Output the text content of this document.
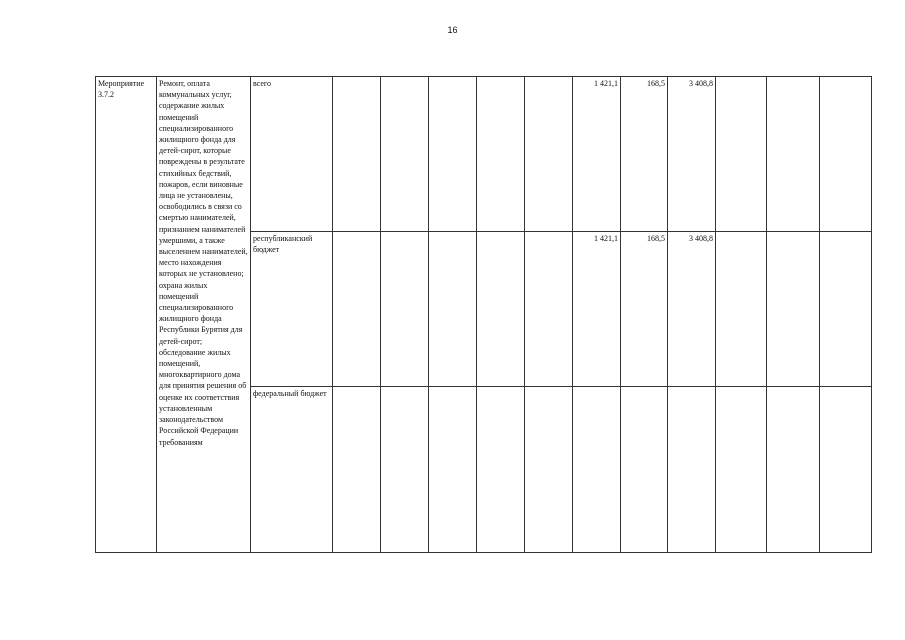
16
Мероприятие 3.7.2	Ремонт, оплата коммунальных услуг, содержание жилых помещений специализированного жилищного фонда для детей-сирот, которые повреждены в результате стихийных бедствий, пожаров, если виновные лица не установлены, освободились в связи со смертью нанимателей, признанием нанимателей умершими, а также выселением нанимателей, место нахождения которых не установлено; охрана жилых помещений специализированного жилищного фонда Республики Бурятия для детей-сирот; обследование жилых помещений, многоквартирного дома для принятия решения об оценке их соответствия установленным законодательством Российской Федерации требованиям	всего						1 421,1	168,5	3 408,8			
		республиканский бюджет						1 421,1	168,5	3 408,8			
		федеральный бюджет											
